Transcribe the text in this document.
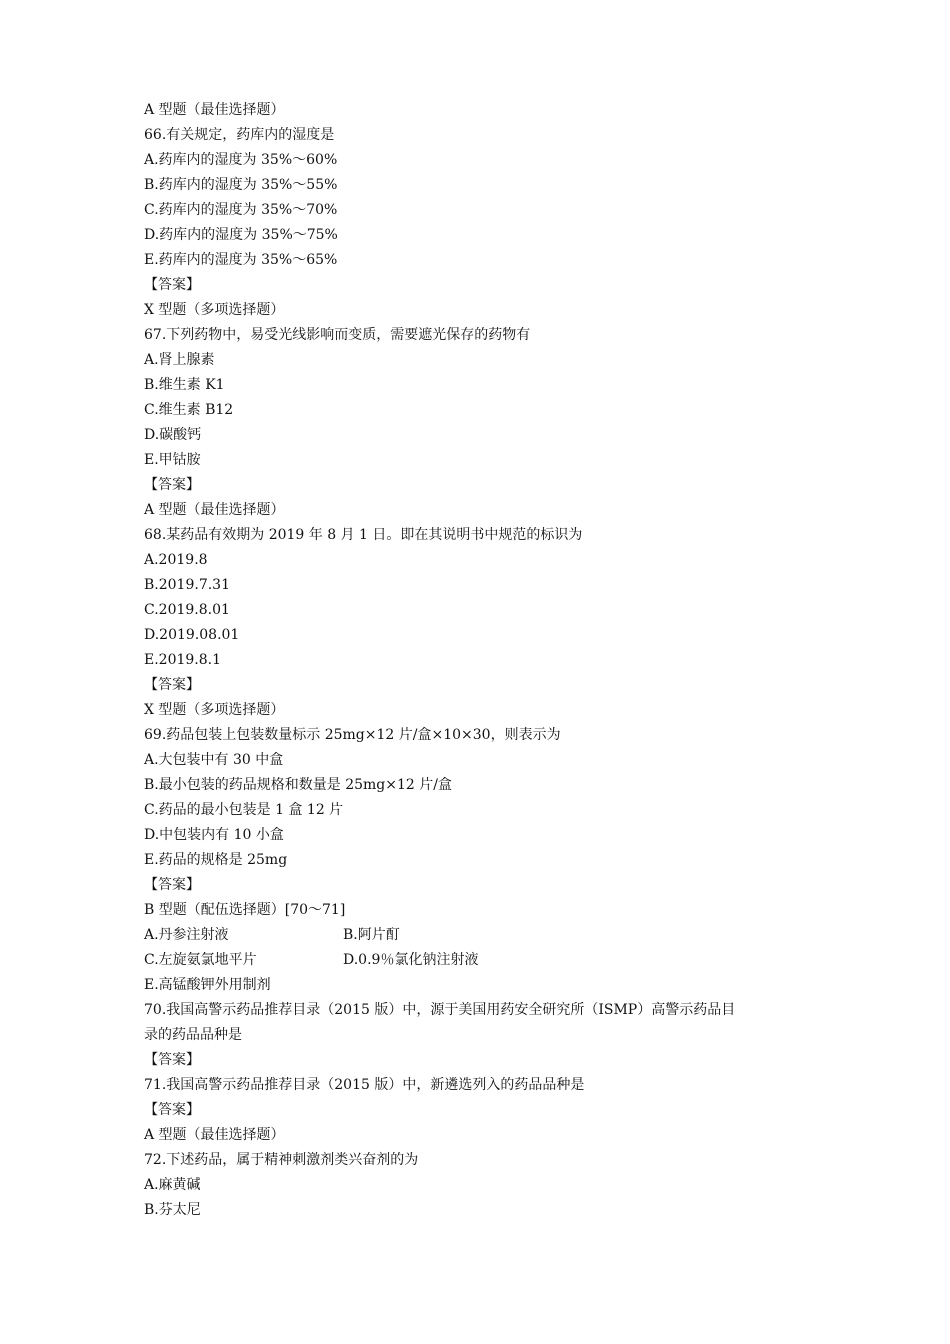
A 型题（最佳选择题）
66.有关规定，药库内的湿度是
A.药库内的湿度为 35%～60%
B.药库内的湿度为 35%～55%
C.药库内的湿度为 35%～70%
D.药库内的湿度为 35%～75%
E.药库内的湿度为 35%～65%
【答案】
X 型题（多项选择题）
67.下列药物中，易受光线影响而变质，需要遮光保存的药物有
A.肾上腺素
B.维生素 K1
C.维生素 B12
D.碳酸钙
E.甲钴胺
【答案】
A 型题（最佳选择题）
68.某药品有效期为 2019 年 8 月 1 日。即在其说明书中规范的标识为
A.2019.8
B.2019.7.31
C.2019.8.01
D.2019.08.01
E.2019.8.1
【答案】
X 型题（多项选择题）
69.药品包装上包装数量标示 25mg×12 片/盒×10×30，则表示为
A.大包装中有 30 中盒
B.最小包装的药品规格和数量是 25mg×12 片/盒
C.药品的最小包装是 1 盒 12 片
D.中包装内有 10 小盒
E.药品的规格是 25mg
【答案】
B 型题（配伍选择题）[70～71]
A.丹参注射液	B.阿片酊
C.左旋氨氯地平片	D.0.9％氯化钠注射液
E.高锰酸钾外用制剂
70.我国高警示药品推荐目录（2015 版）中，源于美国用药安全研究所（ISMP）高警示药品目
录的药品品种是
【答案】
71.我国高警示药品推荐目录（2015 版）中，新遴选列入的药品品种是
【答案】
A 型题（最佳选择题）
72.下述药品，属于精神刺激剂类兴奋剂的为
A.麻黄碱
B.芬太尼
